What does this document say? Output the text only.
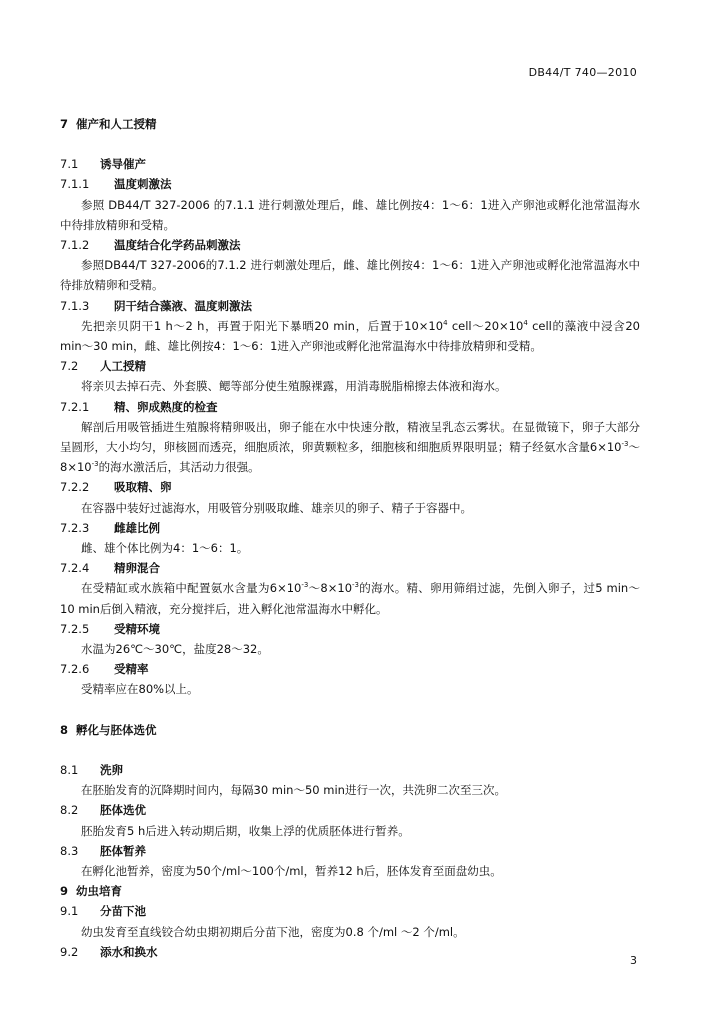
DB44/T 740—2010
7 催产和人工授精
7.1 诱导催产
7.1.1 温度刺激法
参照 DB44/T 327-2006 的7.1.1 进行刺激处理后，雌、雄比例按4：1～6：1进入产卵池或孵化池常温海水中待排放精卵和受精。
7.1.2 温度结合化学药品刺激法
参照DB44/T 327-2006的7.1.2 进行刺激处理后，雌、雄比例按4：1～6：1进入产卵池或孵化池常温海水中待排放精卵和受精。
7.1.3 阴干结合藻液、温度刺激法
先把亲贝阴干1 h～2 h，再置于阳光下暴晒20 min，后置于$10\times 10^4$ $cell\sim 20\times 10^4$ cell的藻液中浸含20 min～30 min，雌、雄比例按4：1～6：1进入产卵池或孵化池常温海水中待排放精卵和受精。
7.2 人工授精
将亲贝去掉石壳、外套膜、鳃等部分使生殖腺裸露，用消毒脱脂棉擦去体液和海水。
7.2.1 精、卵成熟度的检查
解剖后用吸管插进生殖腺将精卵吸出，卵子能在水中快速分散，精液呈乳态云雾状。在显微镜下，卵子大部分呈圆形，大小均匀，卵核圆而透亮，细胞质浓，卵黄颗粒多，细胞核和细胞质界限明显；精子经氨水含量$6\times 10^{-3}\sim 8\times 10^{-3}$的海水激活后，其活动力很强。
7.2.2 吸取精、卵
在容器中装好过滤海水，用吸管分别吸取雌、雄亲贝的卵子、精子于容器中。
7.2.3 雌雄比例
雌、雄个体比例为4：1～6：1。
7.2.4 精卵混合
在受精缸或水族箱中配置氨水含量为$6\times 10^{-3}\sim 8\times 10^{-3}$的海水。精、卵用筛绢过滤，先倒入卵子，过5 min～10 min后倒入精液，充分搅拌后，进入孵化池常温海水中孵化。
7.2.5 受精环境
水温为26℃～30℃，盐度28～32。
7.2.6 受精率
受精率应在80%以上。
8 孵化与胚体选优
8.1 洗卵
在胚胎发育的沉降期时间内，每隔30 min～50 min进行一次，共洗卵二次至三次。
8.2 胚体选优
胚胎发育5 h后进入转动期后期，收集上浮的优质胚体进行暂养。
8.3 胚体暂养
在孵化池暂养，密度为50个/ml～100个/ml，暂养12 h后，胚体发育至面盘幼虫。
9 幼虫培育
9.1 分苗下池
幼虫发育至直线铰合幼虫期初期后分苗下池，密度为0.8 个/ml ～2 个/ml。
9.2 添水和换水
3
